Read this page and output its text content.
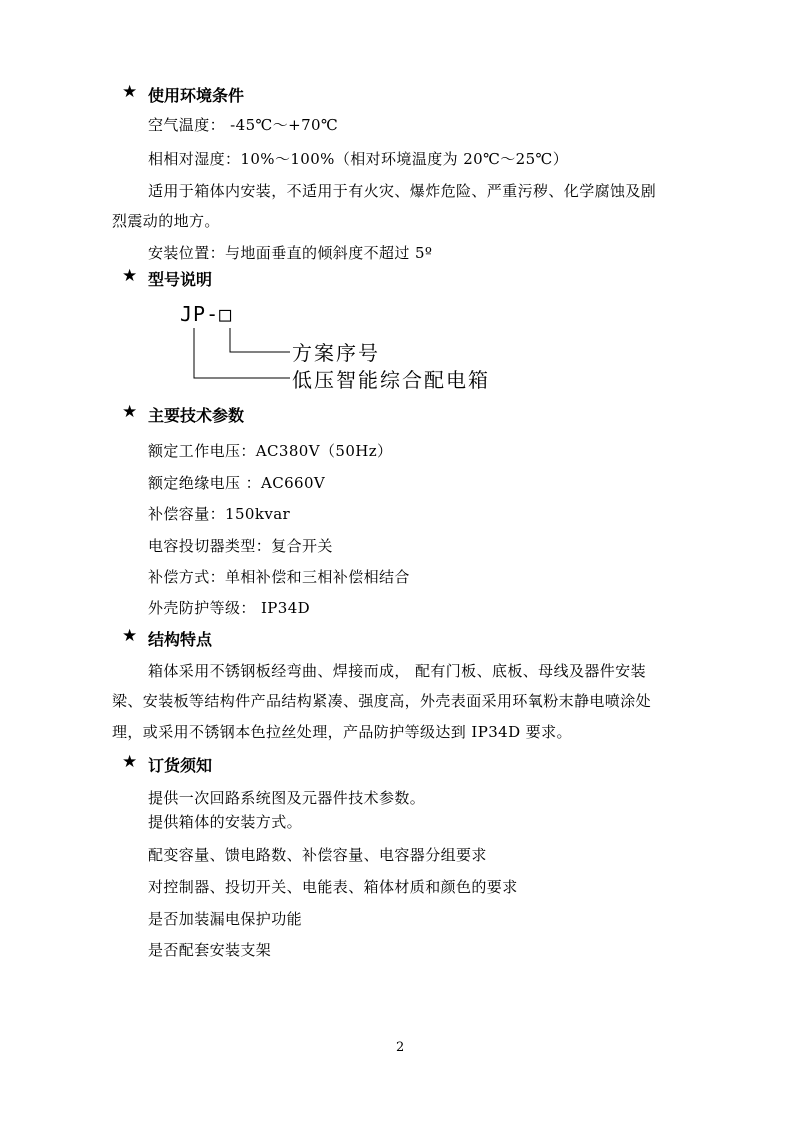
★ 使用环境条件
空气温度： -45℃～+70℃
相相对湿度：10%～100%（相对环境温度为 20℃～25℃）
适用于箱体内安装，不适用于有火灾、爆炸危险、严重污秽、化学腐蚀及剧
烈震动的地方。
安装位置：与地面垂直的倾斜度不超过 5º
★ 型号说明
JP-□
方案序号
低压智能综合配电箱
★ 主要技术参数
额定工作电压：AC380V（50Hz）
额定绝缘电压 ：AC660V
补偿容量：150kvar
电容投切器类型：复合开关
补偿方式：单相补偿和三相补偿相结合
外壳防护等级： IP34D
★ 结构特点
箱体采用不锈钢板经弯曲、焊接而成， 配有门板、底板、母线及器件安装
梁、安装板等结构件产品结构紧凑、强度高，外壳表面采用环氧粉末静电喷涂处
理，或采用不锈钢本色拉丝处理，产品防护等级达到 IP34D 要求。
★ 订货须知
提供一次回路系统图及元器件技术参数。
提供箱体的安装方式。
配变容量、馈电路数、补偿容量、电容器分组要求
对控制器、投切开关、电能表、箱体材质和颜色的要求
是否加装漏电保护功能
是否配套安装支架
2
